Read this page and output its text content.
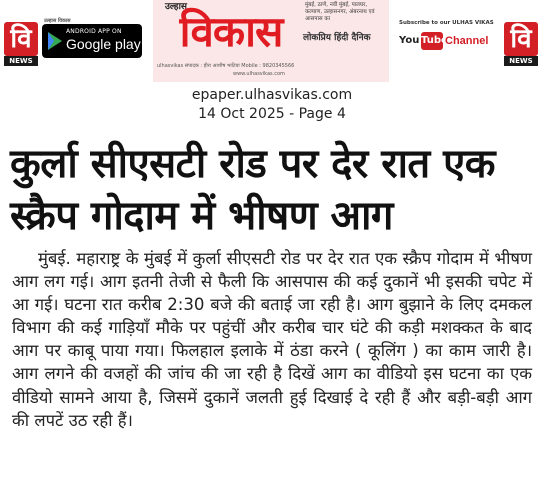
वि
NEWS
उल्हास विकास
ANDROID APP ON
Google play
उल्हास
विकास
मुंबई, ठाणे, नवी मुंबई, पालघर, कल्याण, उल्हासनगर, अंबरनाथ एवं आसपास का
लोकप्रिय हिंदी दैनिक
ulhasvikas संपादक : हीरा आशीष भाटिया Mobile : 9820345566
www.ulhasvikas.com
Subscribe to our ULHAS VIKAS
You Tube
Channel वि
NEWS
epaper.ulhasvikas.com
14 Oct 2025 - Page 4
कुर्ला सीएसटी रोड पर देर रात एक स्क्रैप गोदाम में भीषण आग
मुंबई. महाराष्ट्र के मुंबई में कुर्ला सीएसटी रोड पर देर रात एक स्क्रैप गोदाम में भीषण आग लग गई। आग इतनी तेजी से फैली कि आसपास की कई दुकानें भी इसकी चपेट में आ गई। घटना रात करीब 2:30 बजे की बताई जा रही है। आग बुझाने के लिए दमकल विभाग की कई गाड़ियाँ मौके पर पहुंचीं और करीब चार घंटे की कड़ी मशक्कत के बाद आग पर काबू पाया गया। फिलहाल इलाके में ठंडा करने ( कूलिंग ) का काम जारी है। आग लगने की वजहों की जांच की जा रही है दिखें आग का वीडियो इस घटना का एक वीडियो सामने आया है, जिसमें दुकानें जलती हुई दिखाई दे रही हैं और बड़ी-बड़ी आग की लपटें उठ रही हैं।
